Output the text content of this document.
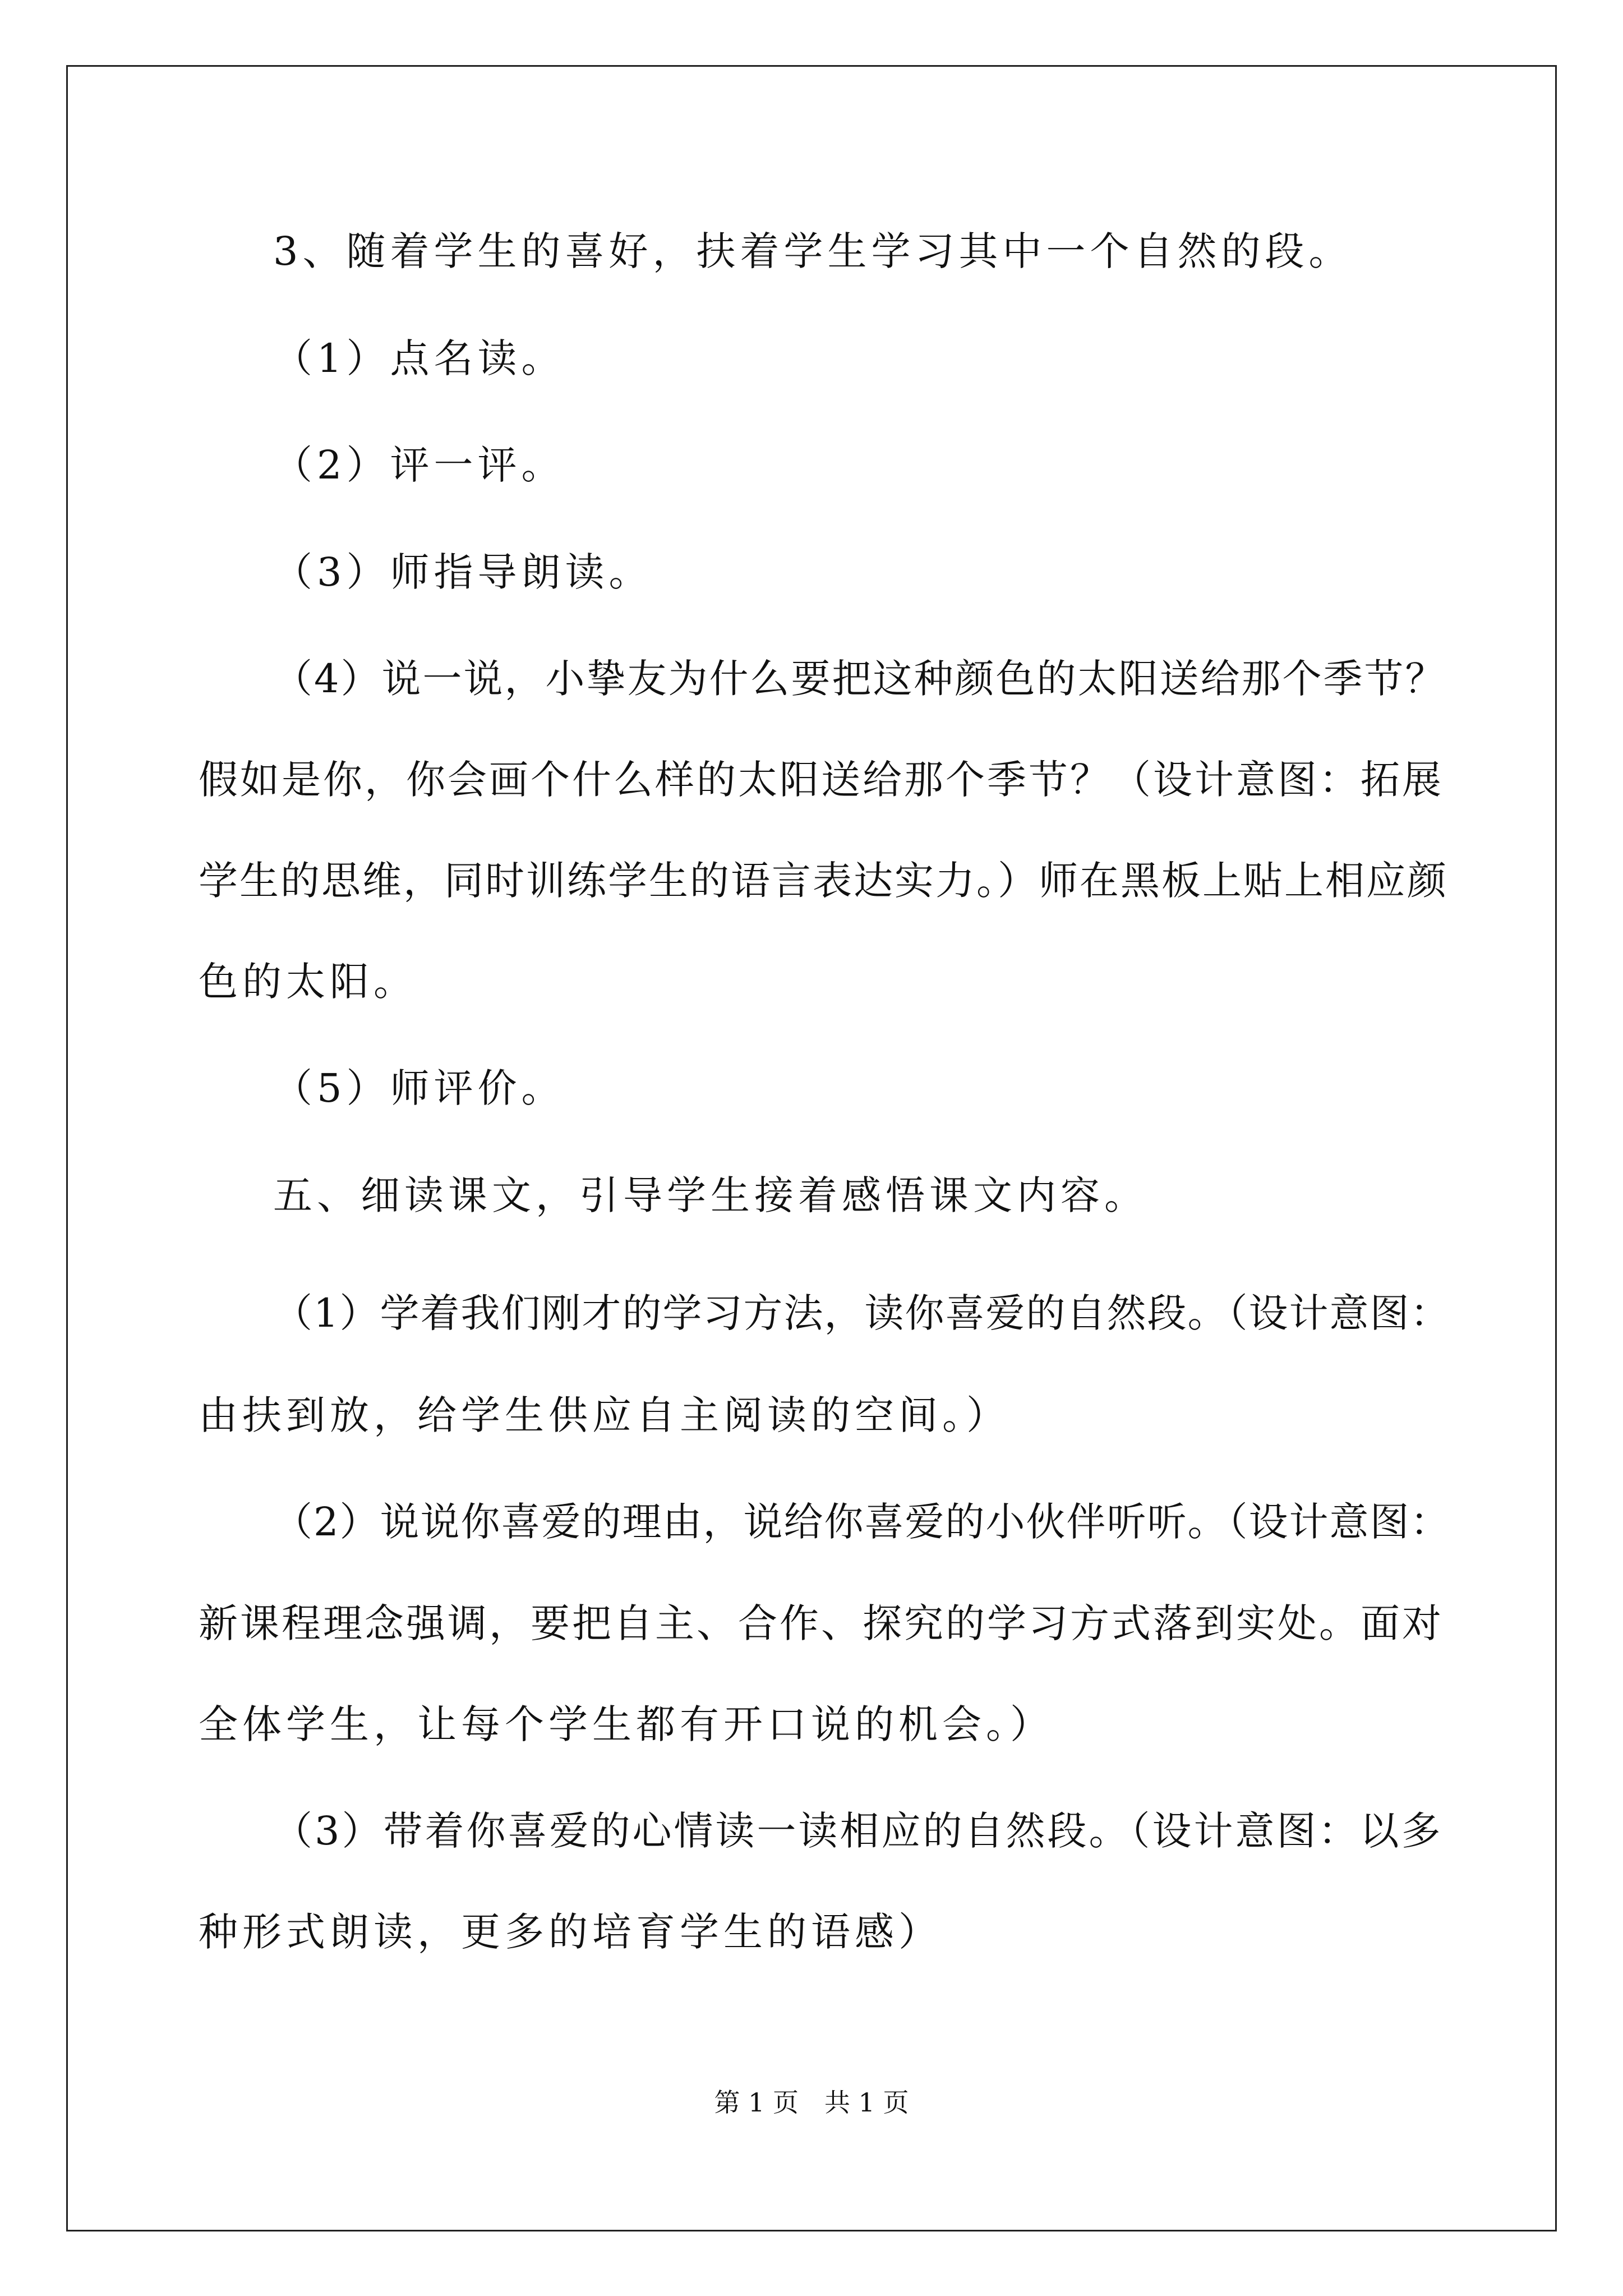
3、随着学生的喜好，扶着学生学习其中一个自然的段。
（1）点名读。
（2）评一评。
（3）师指导朗读。
（4）说一说，小挚友为什么要把这种颜色的太阳送给那个季节？
假如是你，你会画个什么样的太阳送给那个季节？（设计意图：拓展
学生的思维，同时训练学生的语言表达实力。）师在黑板上贴上相应颜
色的太阳。
（5）师评价。
五、细读课文，引导学生接着感悟课文内容。
（1）学着我们刚才的学习方法，读你喜爱的自然段。（设计意图：
由扶到放，给学生供应自主阅读的空间。）
（2）说说你喜爱的理由，说给你喜爱的小伙伴听听。（设计意图：
新课程理念强调，要把自主、合作、探究的学习方式落到实处。面对
全体学生，让每个学生都有开口说的机会。）
（3）带着你喜爱的心情读一读相应的自然段。（设计意图：以多
种形式朗读，更多的培育学生的语感）
第 1 页　共 1 页
